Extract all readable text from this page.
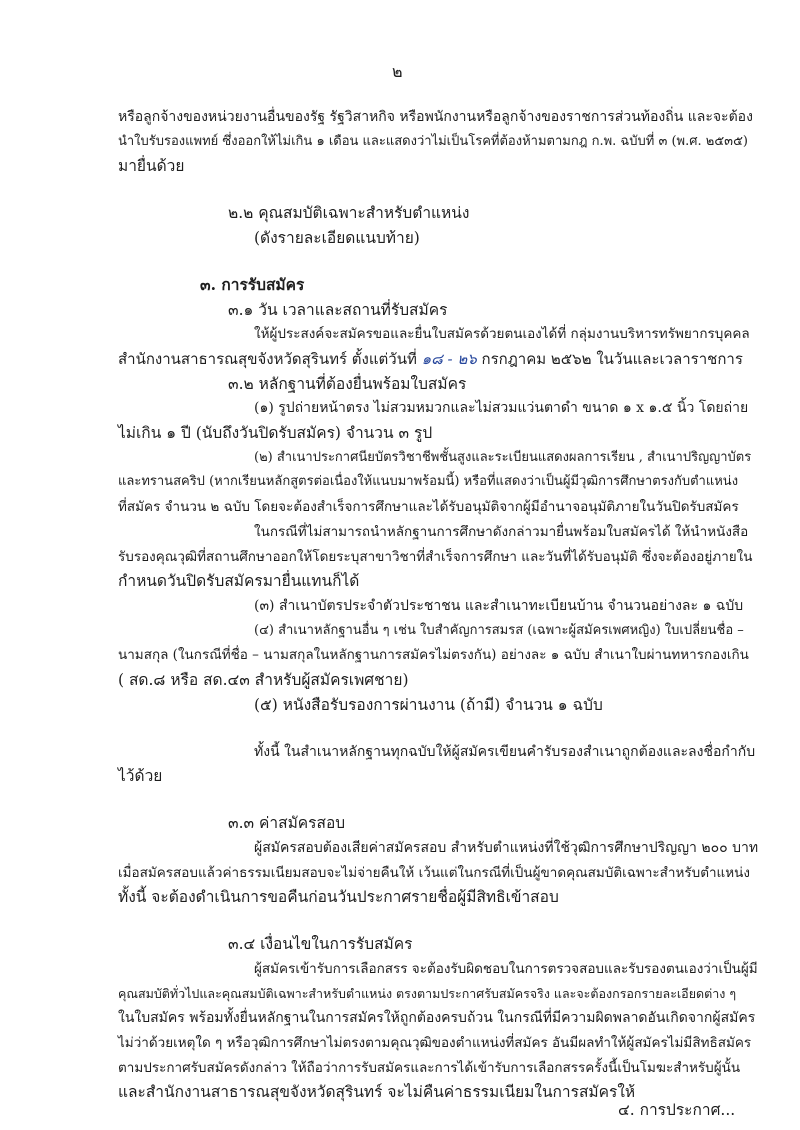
๒
หรือลูกจ้างของหน่วยงานอื่นของรัฐ รัฐวิสาหกิจ หรือพนักงานหรือลูกจ้างของราชการส่วนท้องถิ่น และจะต้อง
นำใบรับรองแพทย์ ซึ่งออกให้ไม่เกิน ๑ เดือน และแสดงว่าไม่เป็นโรคที่ต้องห้ามตามกฎ ก.พ. ฉบับที่ ๓ (พ.ศ. ๒๕๓๕)
มายื่นด้วย
๒.๒ คุณสมบัติเฉพาะสำหรับตำแหน่ง
(ดังรายละเอียดแนบท้าย)
๓. การรับสมัคร
๓.๑ วัน เวลาและสถานที่รับสมัคร
ให้ผู้ประสงค์จะสมัครขอและยื่นใบสมัครด้วยตนเองได้ที่ กลุ่มงานบริหารทรัพยากรบุคคล
สำนักงานสาธารณสุขจังหวัดสุรินทร์ ตั้งแต่วันที่ ๑๘ - ๒๖ กรกฎาคม ๒๕๖๒ ในวันและเวลาราชการ
๓.๒ หลักฐานที่ต้องยื่นพร้อมใบสมัคร
(๑) รูปถ่ายหน้าตรง ไม่สวมหมวกและไม่สวมแว่นตาดำ ขนาด ๑ x ๑.๕ นิ้ว โดยถ่าย
ไม่เกิน ๑ ปี (นับถึงวันปิดรับสมัคร) จำนวน ๓ รูป
(๒) สำเนาประกาศนียบัตรวิชาชีพชั้นสูงและระเบียนแสดงผลการเรียน , สำเนาปริญญาบัตร
และทรานสคริป (หากเรียนหลักสูตรต่อเนื่องให้แนบมาพร้อมนี้) หรือที่แสดงว่าเป็นผู้มีวุฒิการศึกษาตรงกับตำแหน่ง
ที่สมัคร จำนวน ๒ ฉบับ โดยจะต้องสำเร็จการศึกษาและได้รับอนุมัติจากผู้มีอำนาจอนุมัติภายในวันปิดรับสมัคร
ในกรณีที่ไม่สามารถนำหลักฐานการศึกษาดังกล่าวมายื่นพร้อมใบสมัครได้ ให้นำหนังสือ
รับรองคุณวุฒิที่สถานศึกษาออกให้โดยระบุสาขาวิชาที่สำเร็จการศึกษา และวันที่ได้รับอนุมัติ ซึ่งจะต้องอยู่ภายใน
กำหนดวันปิดรับสมัครมายื่นแทนก็ได้
(๓) สำเนาบัตรประจำตัวประชาชน และสำเนาทะเบียนบ้าน จำนวนอย่างละ ๑ ฉบับ
(๔) สำเนาหลักฐานอื่น ๆ เช่น ใบสำคัญการสมรส (เฉพาะผู้สมัครเพศหญิง) ใบเปลี่ยนชื่อ –
นามสกุล (ในกรณีที่ชื่อ – นามสกุลในหลักฐานการสมัครไม่ตรงกัน) อย่างละ ๑ ฉบับ สำเนาใบผ่านทหารกองเกิน
( สด.๘ หรือ สด.๔๓ สำหรับผู้สมัครเพศชาย)
(๕) หนังสือรับรองการผ่านงาน (ถ้ามี) จำนวน ๑ ฉบับ
ทั้งนี้ ในสำเนาหลักฐานทุกฉบับให้ผู้สมัครเขียนคำรับรองสำเนาถูกต้องและลงชื่อกำกับ
ไว้ด้วย
๓.๓ ค่าสมัครสอบ
ผู้สมัครสอบต้องเสียค่าสมัครสอบ สำหรับตำแหน่งที่ใช้วุฒิการศึกษาปริญญา ๒๐๐ บาท
เมื่อสมัครสอบแล้วค่าธรรมเนียมสอบจะไม่จ่ายคืนให้ เว้นแต่ในกรณีที่เป็นผู้ขาดคุณสมบัติเฉพาะสำหรับตำแหน่ง
ทั้งนี้ จะต้องดำเนินการขอคืนก่อนวันประกาศรายชื่อผู้มีสิทธิเข้าสอบ
๓.๔ เงื่อนไขในการรับสมัคร
ผู้สมัครเข้ารับการเลือกสรร จะต้องรับผิดชอบในการตรวจสอบและรับรองตนเองว่าเป็นผู้มี
คุณสมบัติทั่วไปและคุณสมบัติเฉพาะสำหรับตำแหน่ง ตรงตามประกาศรับสมัครจริง และจะต้องกรอกรายละเอียดต่าง ๆ
ในใบสมัคร พร้อมทั้งยื่นหลักฐานในการสมัครให้ถูกต้องครบถ้วน ในกรณีที่มีความผิดพลาดอันเกิดจากผู้สมัคร
ไม่ว่าด้วยเหตุใด ๆ หรือวุฒิการศึกษาไม่ตรงตามคุณวุฒิของตำแหน่งที่สมัคร อันมีผลทำให้ผู้สมัครไม่มีสิทธิสมัคร
ตามประกาศรับสมัครดังกล่าว ให้ถือว่าการรับสมัครและการได้เข้ารับการเลือกสรรครั้งนี้เป็นโมฆะสำหรับผู้นั้น
และสำนักงานสาธารณสุขจังหวัดสุรินทร์ จะไม่คืนค่าธรรมเนียมในการสมัครให้
๔. การประกาศ...
